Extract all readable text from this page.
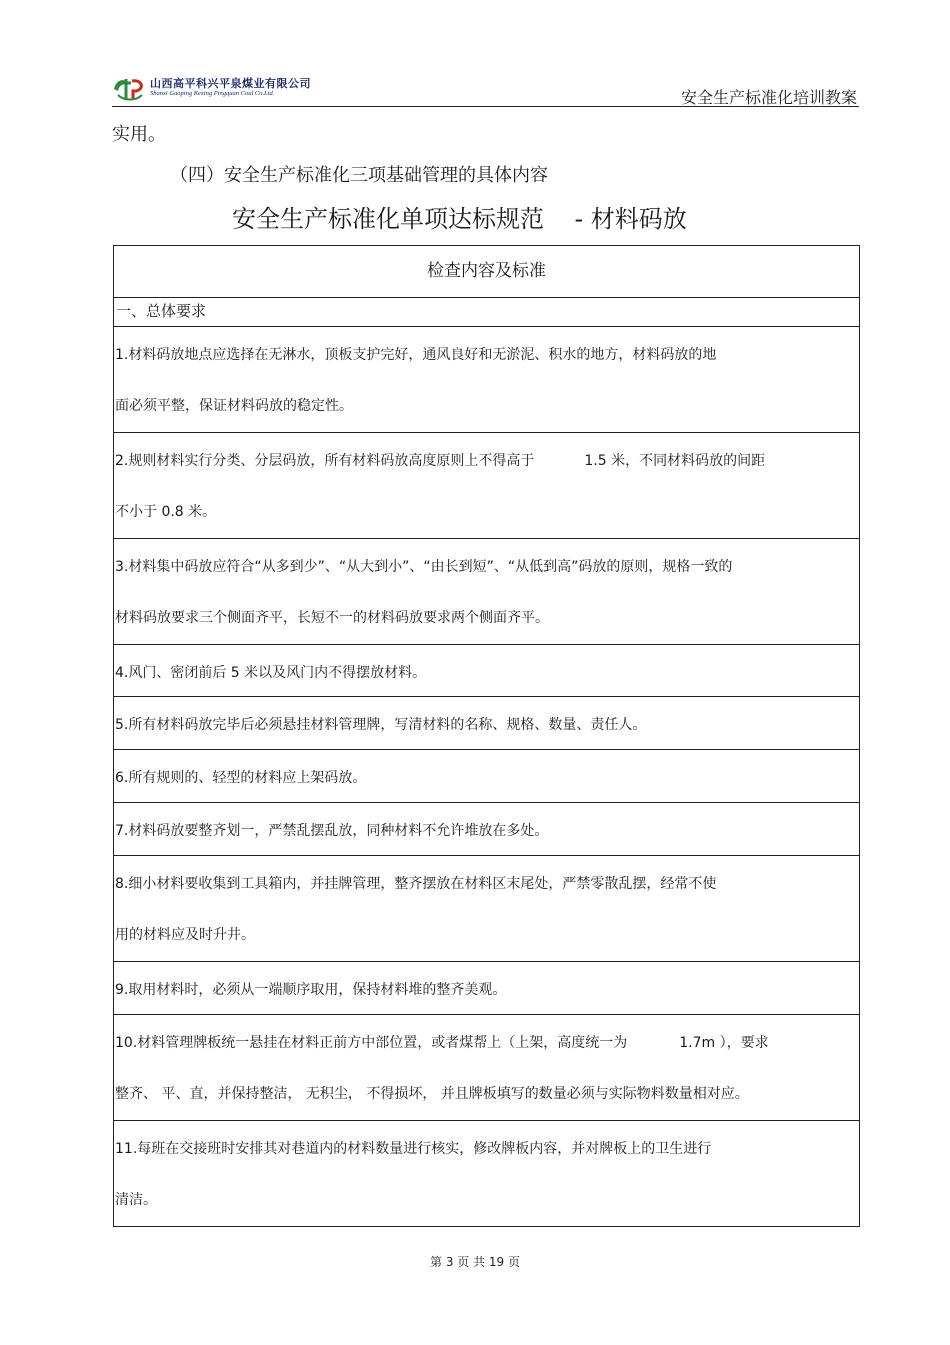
山西高平科兴平泉煤业有限公司
Shanxi Gaoping Kexing Pingquan Coal Co.Ltd.	安全生产标准化培训教案
实用。
（四）安全生产标准化三项基础管理的具体内容
安全生产标准化单项达标规范    - 材料码放
检查内容及标准
一、总体要求

1.材料码放地点应选择在无淋水，顶板支护完好，通风良好和无淤泥、积水的地方，材料码放的地
面必须平整，保证材料码放的稳定性。

2.规则材料实行分类、分层码放，所有材料码放高度原则上不得高于	1.5 米，不同材料码放的间距
不小于 0.8 米。

3.材料集中码放应符合“从多到少”、“从大到小”、“由长到短”、“从低到高”码放的原则，规格一致的
材料码放要求三个侧面齐平，长短不一的材料码放要求两个侧面齐平。

4.风门、密闭前后 5 米以及风门内不得摆放材料。

5.所有材料码放完毕后必须悬挂材料管理牌，写清材料的名称、规格、数量、责任人。

6.所有规则的、轻型的材料应上架码放。

7.材料码放要整齐划一，严禁乱摆乱放，同种材料不允许堆放在多处。

8.细小材料要收集到工具箱内，并挂牌管理，整齐摆放在材料区末尾处，严禁零散乱摆，经常不使
用的材料应及时升井。

9.取用材料时，必须从一端顺序取用，保持材料堆的整齐美观。

10.材料管理牌板统一悬挂在材料正前方中部位置，或者煤帮上（上架，高度统一为	1.7m ），要求
整齐、 平、直，并保持整洁， 无积尘， 不得损坏， 并且牌板填写的数量必须与实际物料数量相对应。

11.每班在交接班时安排其对巷道内的材料数量进行核实，修改牌板内容，并对牌板上的卫生进行
清洁。
第 3 页 共 19 页
